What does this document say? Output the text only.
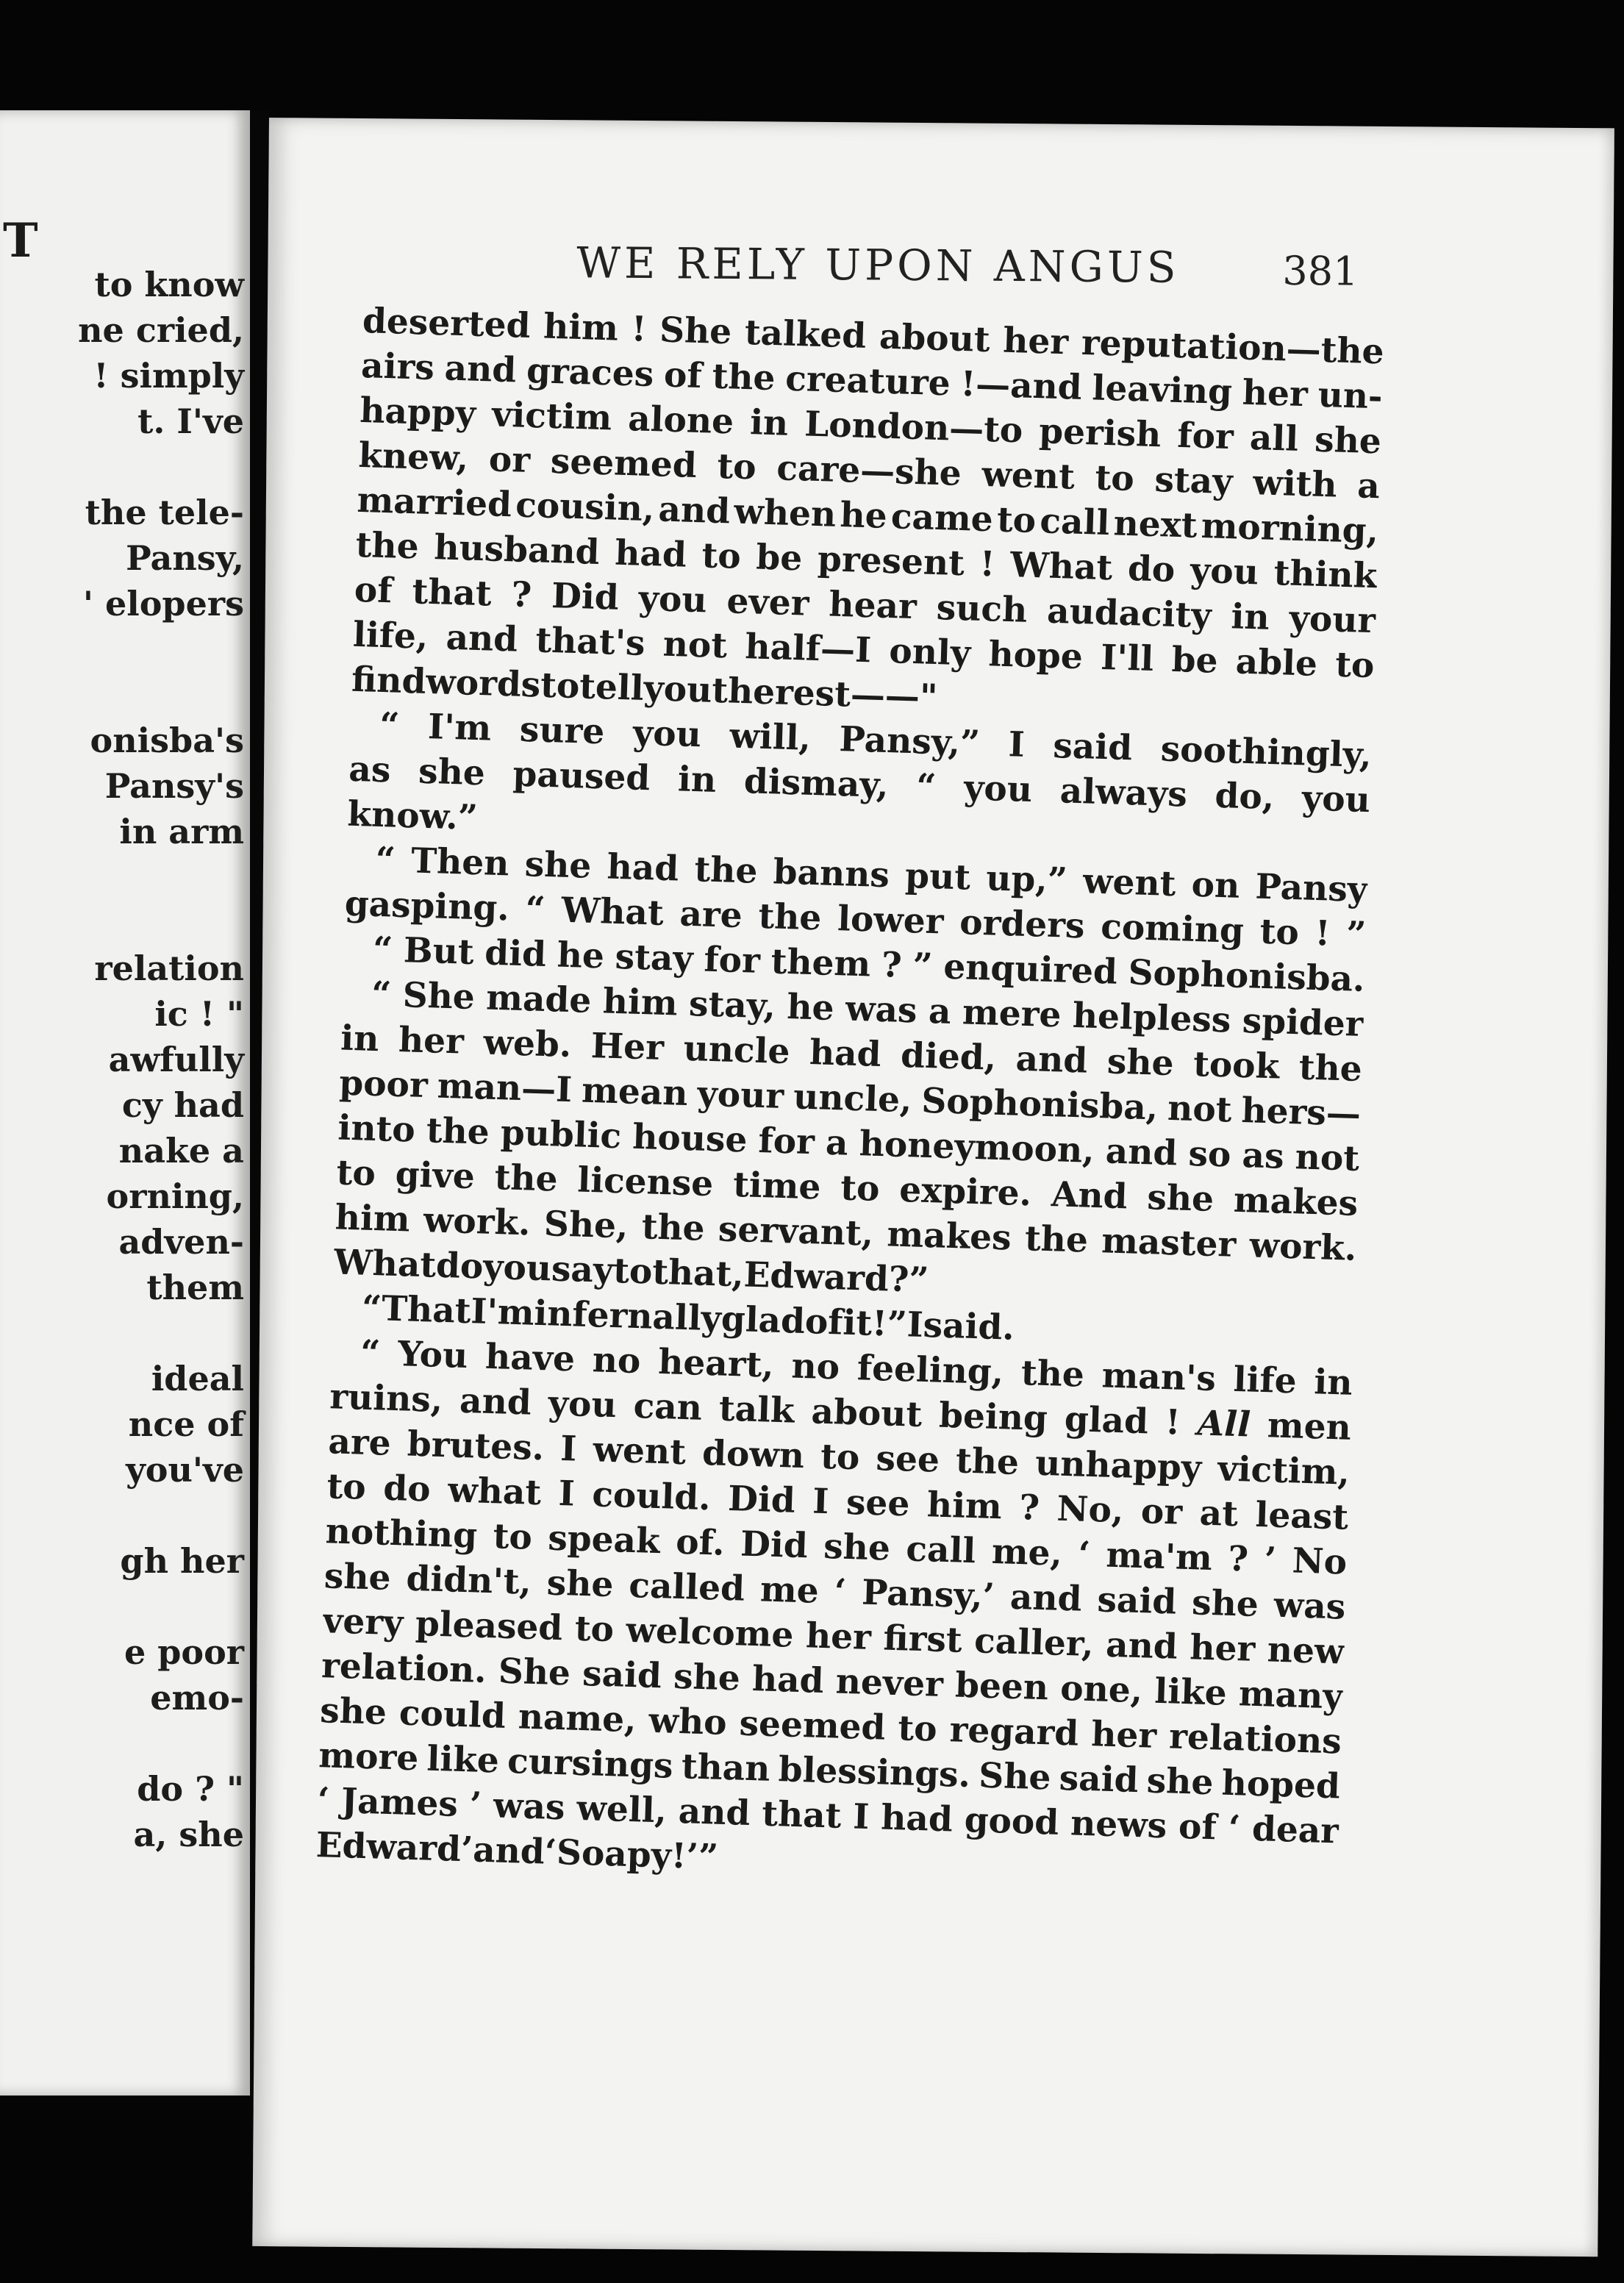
T
to know
ne cried,
! simply
t. I've
the tele-
Pansy,
' elopers
onisba's
Pansy's
in arm
relation
ic ! "
awfully
cy had
nake a
orning,
adven-
them
ideal
nce of
you've
gh her
e poor
emo-
do ? "
a, she
WE RELY UPON ANGUS	381
deserted him ! She talked about her reputation—the
airs and graces of the creature !—and leaving her un-
happy victim alone in London—to perish for all she
knew, or seemed to care—she went to stay with a
married cousin, and when he came to call next morning,
the husband had to be present ! What do you think
of that ? Did you ever hear such audacity in your
life, and that's not half—I only hope I'll be able to
find
words
to
tell
you
the
rest——"
“ I'm sure you will, Pansy,” I said soothingly,
as she paused in dismay, “ you always do, you
know.”
“ Then she had the banns put up,” went on Pansy
gasping. “ What are the lower orders coming to ! ”
“ But did he stay for them ? ” enquired Sophonisba.
“ She made him stay, he was a mere helpless spider
in her web. Her uncle had died, and she took the
poor man—I mean your uncle, Sophonisba, not hers—
into the public house for a honeymoon, and so as not
to give the license time to expire. And she makes
him work. She, the servant, makes the master work.
What
do
you
say
to
that,
Edward
?
”
“
That
I'm
infernally
glad
of
it
!
”
I
said.
“ You have no heart, no feeling, the man's life in
ruins, and you can talk about being glad ! All men
are brutes. I went down to see the unhappy victim,
to do what I could. Did I see him ? No, or at least
nothing to speak of. Did she call me, ‘ ma'm ? ’ No
she didn't, she called me ‘ Pansy,’ and said she was
very pleased to welcome her first caller, and her new
relation. She said she had never been one, like many
she could name, who seemed to regard her relations
more like cursings than blessings. She said she hoped
‘ James ’ was well, and that I had good news of ‘ dear
Edward
’
and
‘
Soapy
!
’
”
